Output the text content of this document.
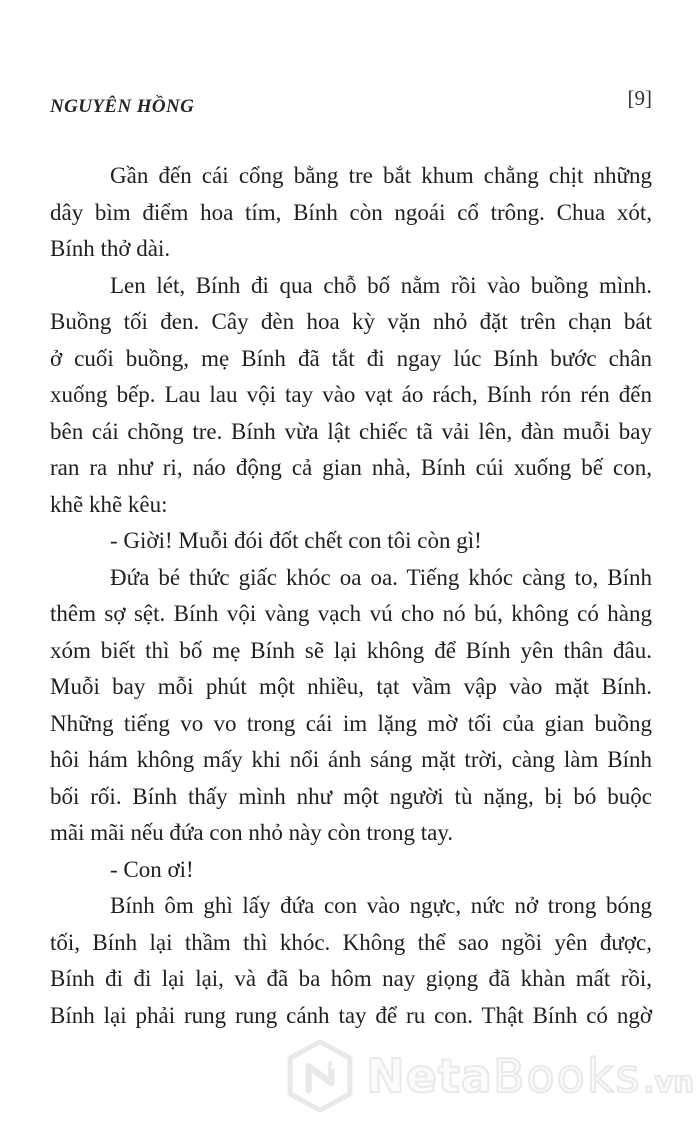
NGUYÊN HỒNG	[9]
Gần đến cái cổng bằng tre bắt khum chằng chịt những
dây bìm điểm hoa tím, Bính còn ngoái cổ trông. Chua xót,
Bính thở dài.
Len lét, Bính đi qua chỗ bố nằm rồi vào buồng mình.
Buồng tối đen. Cây đèn hoa kỳ vặn nhỏ đặt trên chạn bát
ở cuối buồng, mẹ Bính đã tắt đi ngay lúc Bính bước chân
xuống bếp. Lau lau vội tay vào vạt áo rách, Bính rón rén đến
bên cái chõng tre. Bính vừa lật chiếc tã vải lên, đàn muỗi bay
ran ra như ri, náo động cả gian nhà, Bính cúi xuống bế con,
khẽ khẽ kêu:
- Giời! Muỗi đói đốt chết con tôi còn gì!
Đứa bé thức giấc khóc oa oa. Tiếng khóc càng to, Bính
thêm sợ sệt. Bính vội vàng vạch vú cho nó bú, không có hàng
xóm biết thì bố mẹ Bính sẽ lại không để Bính yên thân đâu.
Muỗi bay mỗi phút một nhiều, tạt vầm vập vào mặt Bính.
Những tiếng vo vo trong cái im lặng mờ tối của gian buồng
hôi hám không mấy khi nổi ánh sáng mặt trời, càng làm Bính
bối rối. Bính thấy mình như một người tù nặng, bị bó buộc
mãi mãi nếu đứa con nhỏ này còn trong tay.
- Con ơi!
Bính ôm ghì lấy đứa con vào ngực, nức nở trong bóng
tối, Bính lại thầm thì khóc. Không thể sao ngồi yên được,
Bính đi đi lại lại, và đã ba hôm nay giọng đã khàn mất rồi,
Bính lại phải rung rung cánh tay để ru con. Thật Bính có ngờ
Neta Books .vn
